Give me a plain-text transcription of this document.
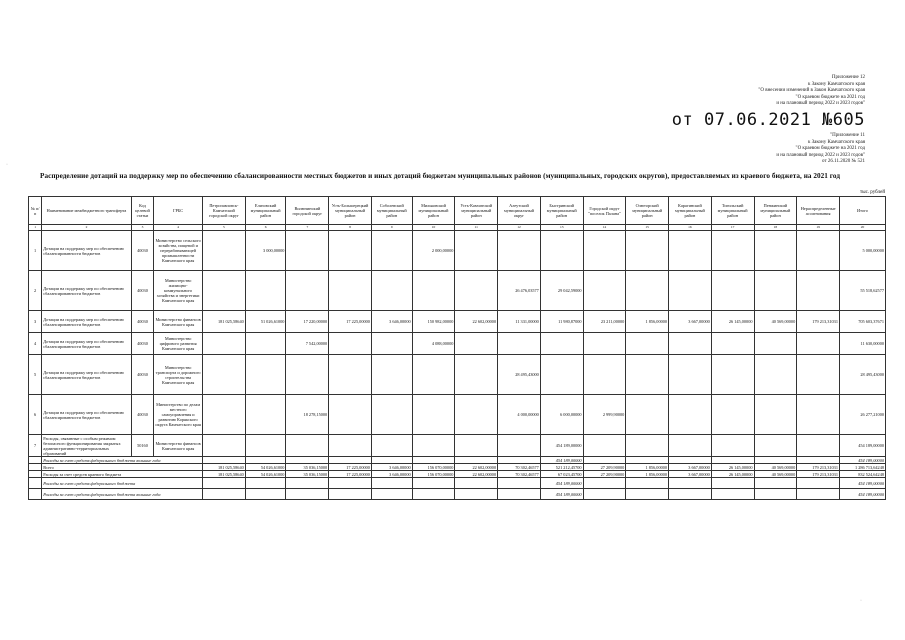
Приложение 12
к Закону Камчатского края
"О внесении изменений в Закон Камчатского края
"О краевом бюджете на 2021 год
и на плановый период 2022 и 2023 годов"
от 07.06.2021 №605
"Приложение 11
к Закону Камчатского края
"О краевом бюджете на 2021 год
и на плановый период 2022 и 2023 годов"
от 26.11.2020 № 521
Распределение дотаций на поддержку мер по обеспечению сбалансированности местных бюджетов и иных дотаций бюджетам муниципальных районов (муниципальных, городских округов), предоставляемых из краевого бюджета, на 2021 год
тыс. рублей
№ п/п	Наименование межбюджетного трансферта	Код целевой статьи	ГРБС	Петропавловск-Камчатский городской округ	Елизовский муниципальный район	Вилючинский городской округ	Усть-Большерецкий муниципальный район	Соболевский муниципальный район	Мильковский муниципальный район	Усть-Камчатский муниципальный район	Алеутский муниципальный округ	Быстринский муниципальный район	Городской округ "поселок Палана"	Олюторский муниципальный район	Карагинский муниципальный район	Тигильский муниципальный район	Пенжинский муниципальный район	Нераспределенные ассигнования	Итого
1	2	3	4	5	6	7	8	9	10	11	12	13	14	15	16	17	18	19	20
1	Дотации на поддержку мер по обеспечению сбалансированности бюджетов	40030	Министерство сельского хозяйства, пищевой и перерабатывающей промышленности Камчатского края		3 000,00000				2 000,00000										5 000,00000
2	Дотации на поддержку мер по обеспечению сбалансированности бюджетов	40030	Министерство жилищно-коммунального хозяйства и энергетики Камчатского края								26 476,03577	29 042,59000							55 518,62577
3	Дотации на поддержку мер по обеспечению сбалансированности бюджетов	40030	Министерство финансов Камчатского края	181 025,58640	51 026,61000	17 220,00000	17 225,00000	3 646,00000	150 982,00000	22 602,00000	11 331,00000	11 980,87000	23 211,00000	1 856,00000	3 667,00000	26 145,00000	40 569,00000	179 213,31031	705 603,37671
4	Дотации на поддержку мер по обеспечению сбалансированности бюджетов	40030	Министерство цифрового развития Камчатского края			7 542,00000			4 088,00000										11 630,00000
5	Дотации на поддержку мер по обеспечению сбалансированности бюджетов	40030	Министерство транспорта и дорожного строительства Камчатского края								28 495,43000								28 495,43000
6	Дотации на поддержку мер по обеспечению сбалансированности бюджетов	40030	Министерство по делам местного самоуправления и развитию Корякского округа Камчатского края			18 278,15000					4 000,00000	6 000,00000	2 999,90000						26 277,21000
7	Расходы, связанные с особым режимом безопасного функционирования закрытых административно-территориальных образований	50160	Министерство финансов Камчатского края									454 189,00000							454 189,00000
	Расходы за счет средств федерального бюджета вольшие года											454 189,00000							454 189,00000
	Всего			181 025,58640	54 026,61000	35 036,15000	17 225,00000	3 646,00000	156 070,00000	22 602,00000	70 302,46577	521 212,45700	27 209,90000	1 856,00000	3 667,00000	26 145,00000	40 569,00000	179 213,31031	1 286 713,64248
	Расходы за счет средств краевого бюджета			181 025,58640	54 026,61000	35 036,15000	17 225,00000	3 646,00000	156 070,00000	22 602,00000	70 302,46577	67 023,45700	27 209,90000	1 856,00000	3 667,00000	26 145,00000	40 569,00000	179 213,31031	832 524,64248
	Расходы за счет средств федерального бюджета											454 189,00000							454 189,00000
	Расходы за счет средств федерального бюджета вольшие года											454 189,00000							454 189,00000
·
·
